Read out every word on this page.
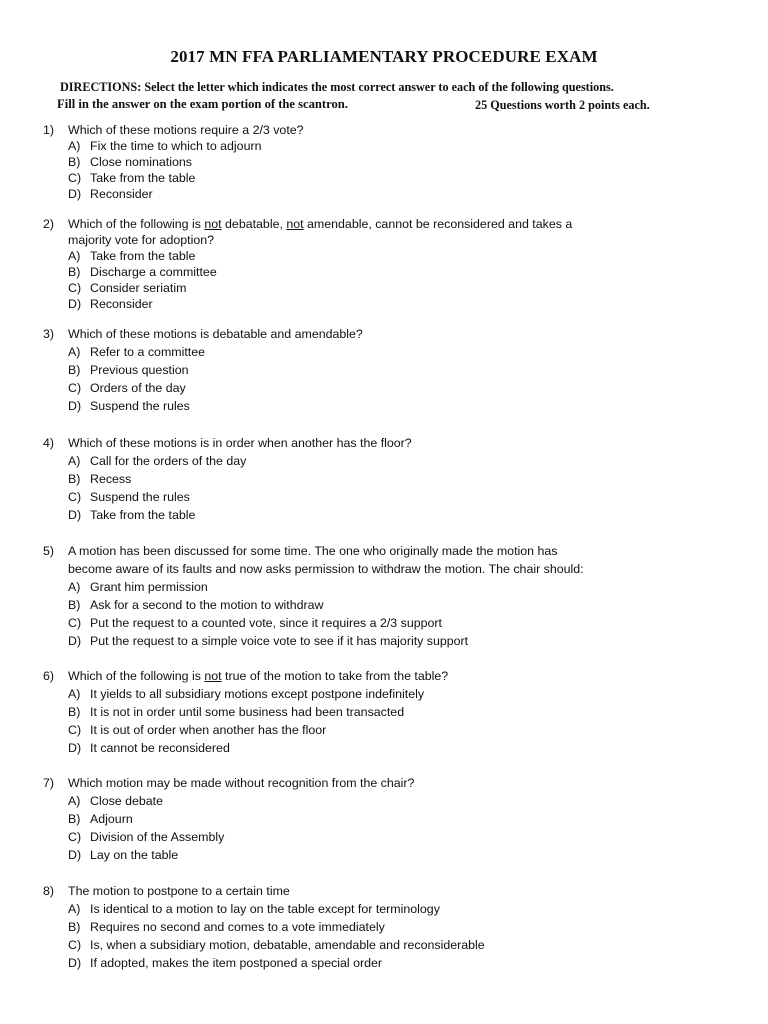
2017 MN FFA PARLIAMENTARY PROCEDURE EXAM
DIRECTIONS: Select the letter which indicates the most correct answer to each of the following questions.
Fill in the answer on the exam portion of the scantron.	25 Questions worth 2 points each.
1) Which of these motions require a 2/3 vote?
A) Fix the time to which to adjourn
B) Close nominations
C) Take from the table
D) Reconsider
2) Which of the following is not debatable, not amendable, cannot be reconsidered and takes a
majority vote for adoption?
A) Take from the table
B) Discharge a committee
C) Consider seriatim
D) Reconsider
3) Which of these motions is debatable and amendable?
A) Refer to a committee
B) Previous question
C) Orders of the day
D) Suspend the rules
4) Which of these motions is in order when another has the floor?
A) Call for the orders of the day
B) Recess
C) Suspend the rules
D) Take from the table
5) A motion has been discussed for some time. The one who originally made the motion has
become aware of its faults and now asks permission to withdraw the motion. The chair should:
A) Grant him permission
B) Ask for a second to the motion to withdraw
C) Put the request to a counted vote, since it requires a 2/3 support
D) Put the request to a simple voice vote to see if it has majority support
6) Which of the following is not true of the motion to take from the table?
A) It yields to all subsidiary motions except postpone indefinitely
B) It is not in order until some business had been transacted
C) It is out of order when another has the floor
D) It cannot be reconsidered
7) Which motion may be made without recognition from the chair?
A) Close debate
B) Adjourn
C) Division of the Assembly
D) Lay on the table
8) The motion to postpone to a certain time
A) Is identical to a motion to lay on the table except for terminology
B) Requires no second and comes to a vote immediately
C) Is, when a subsidiary motion, debatable, amendable and reconsiderable
D) If adopted, makes the item postponed a special order
